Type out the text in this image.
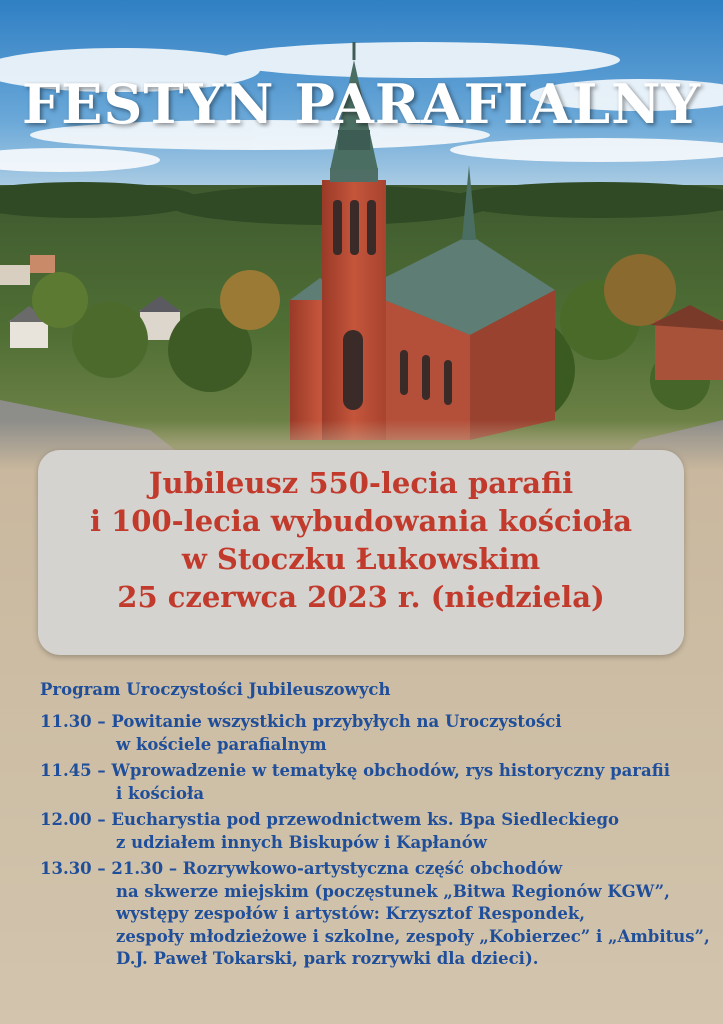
FESTYN PARAFIALNY
Jubileusz 550-lecia parafii
i 100-lecia wybudowania kościoła
w Stoczku Łukowskim
25 czerwca 2023 r. (niedziela)

Program Uroczystości Jubileuszowych

11.30 – Powitanie wszystkich przybyłych na Uroczystości
w kościele parafialnym
11.45 – Wprowadzenie w tematykę obchodów, rys historyczny parafii
i kościoła
12.00 – Eucharystia pod przewodnictwem ks. Bpa Siedleckiego
z udziałem innych Biskupów i Kapłanów
13.30 – 21.30 – Rozrywkowo-artystyczna część obchodów
na skwerze miejskim (poczęstunek „Bitwa Regionów KGW”,
występy zespołów i artystów: Krzysztof Respondek,
zespoły młodzieżowe i szkolne, zespoły „Kobierzec” i „Ambitus”,
D.J. Paweł Tokarski, park rozrywki dla dzieci).
